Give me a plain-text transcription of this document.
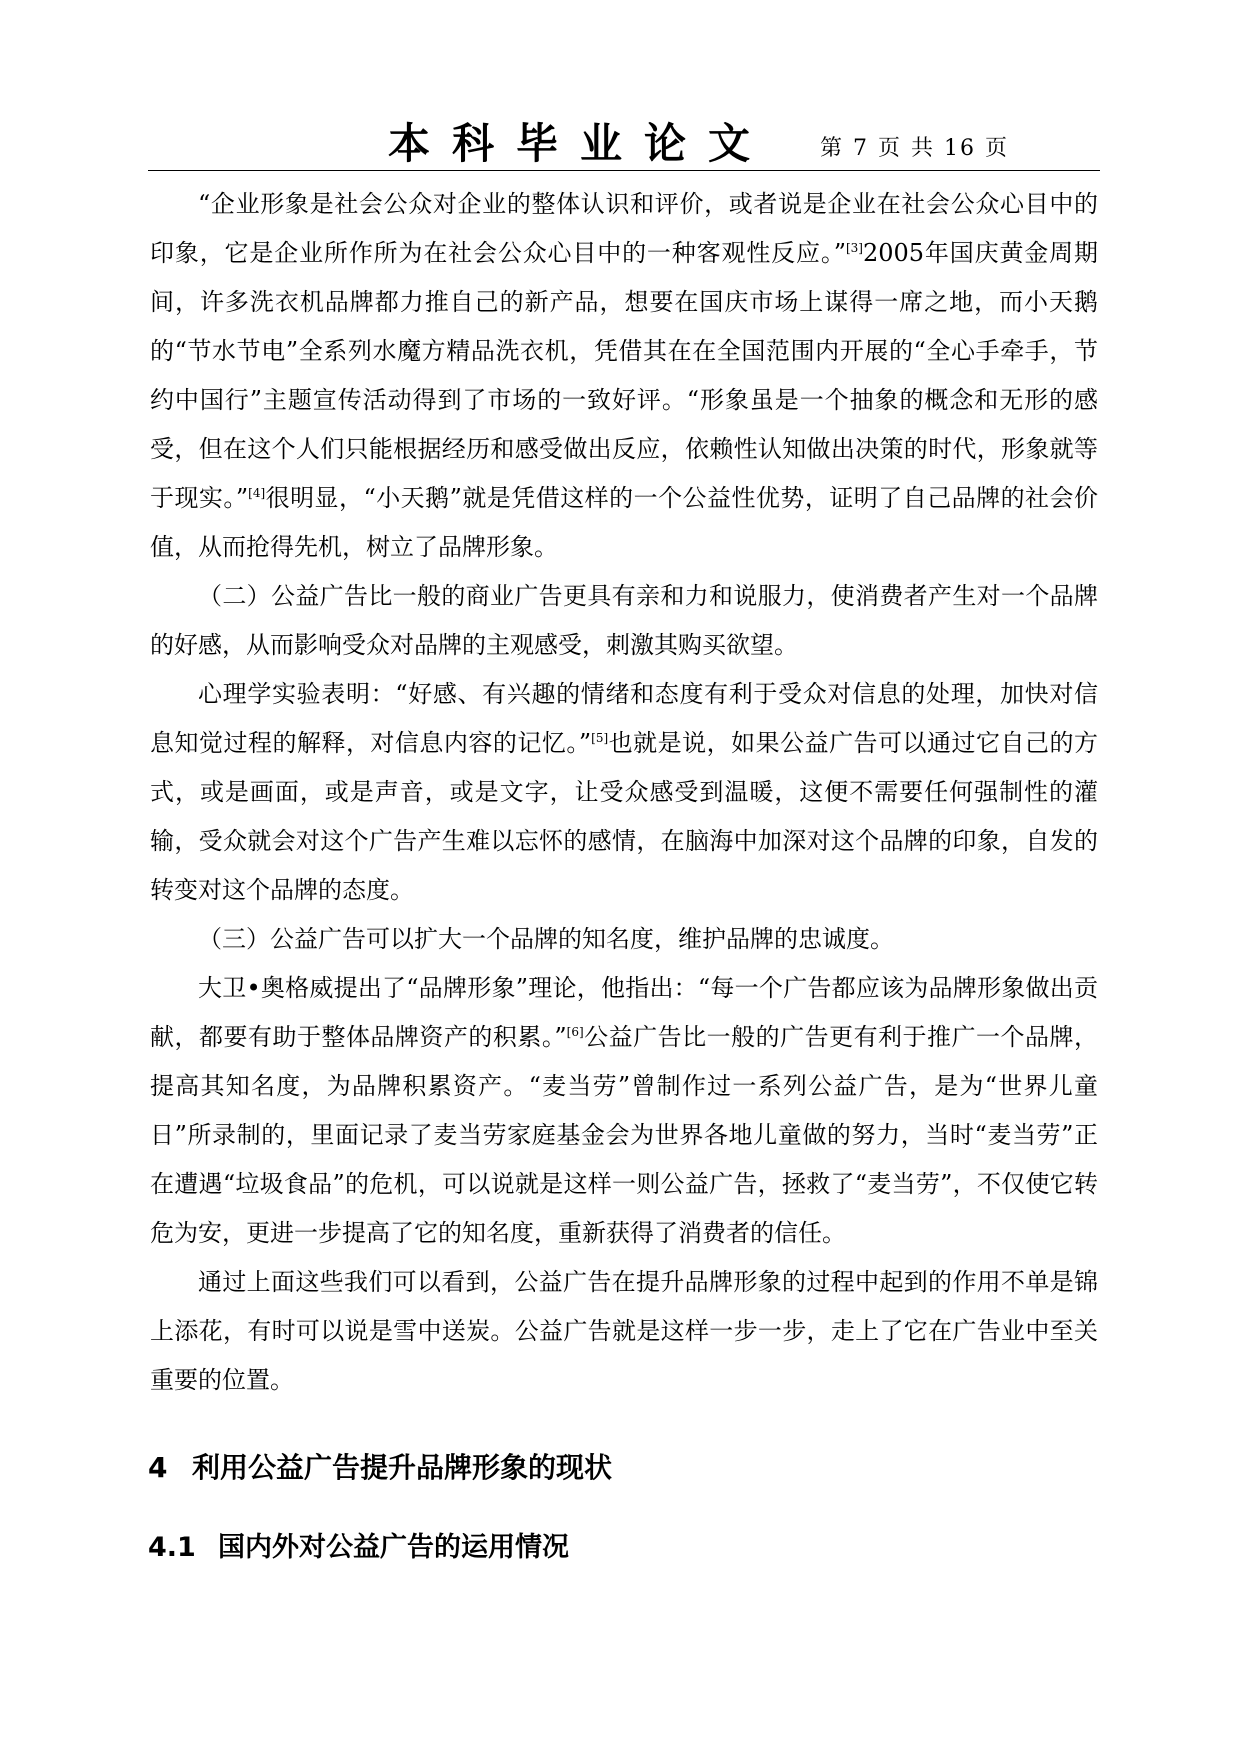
本科毕业论文 第 7 页 共 16 页

“企业形象是社会公众对企业的整体认识和评价，或者说是企业在社会公众心目中的印象，它是企业所作所为在社会公众心目中的一种客观性反应。”[3]2005年国庆黄金周期间，许多洗衣机品牌都力推自己的新产品，想要在国庆市场上谋得一席之地，而小天鹅的“节水节电”全系列水魔方精品洗衣机，凭借其在在全国范围内开展的“全心手牵手，节约中国行”主题宣传活动得到了市场的一致好评。“形象虽是一个抽象的概念和无形的感受，但在这个人们只能根据经历和感受做出反应，依赖性认知做出决策的时代，形象就等于现实。”[4]很明显，“小天鹅”就是凭借这样的一个公益性优势，证明了自己品牌的社会价值，从而抢得先机，树立了品牌形象。

（二）公益广告比一般的商业广告更具有亲和力和说服力，使消费者产生对一个品牌的好感，从而影响受众对品牌的主观感受，刺激其购买欲望。

心理学实验表明：“好感、有兴趣的情绪和态度有利于受众对信息的处理，加快对信息知觉过程的解释，对信息内容的记忆。”[5]也就是说，如果公益广告可以通过它自己的方式，或是画面，或是声音，或是文字，让受众感受到温暖，这便不需要任何强制性的灌输，受众就会对这个广告产生难以忘怀的感情，在脑海中加深对这个品牌的印象，自发的转变对这个品牌的态度。

（三）公益广告可以扩大一个品牌的知名度，维护品牌的忠诚度。

大卫•奥格威提出了“品牌形象”理论，他指出：“每一个广告都应该为品牌形象做出贡献，都要有助于整体品牌资产的积累。”[6]公益广告比一般的广告更有利于推广一个品牌，提高其知名度，为品牌积累资产。“麦当劳”曾制作过一系列公益广告，是为“世界儿童日”所录制的，里面记录了麦当劳家庭基金会为世界各地儿童做的努力，当时“麦当劳”正在遭遇“垃圾食品”的危机，可以说就是这样一则公益广告，拯救了“麦当劳”，不仅使它转危为安，更进一步提高了它的知名度，重新获得了消费者的信任。

通过上面这些我们可以看到，公益广告在提升品牌形象的过程中起到的作用不单是锦上添花，有时可以说是雪中送炭。公益广告就是这样一步一步，走上了它在广告业中至关重要的位置。

4 利用公益广告提升品牌形象的现状
4.1 国内外对公益广告的运用情况
